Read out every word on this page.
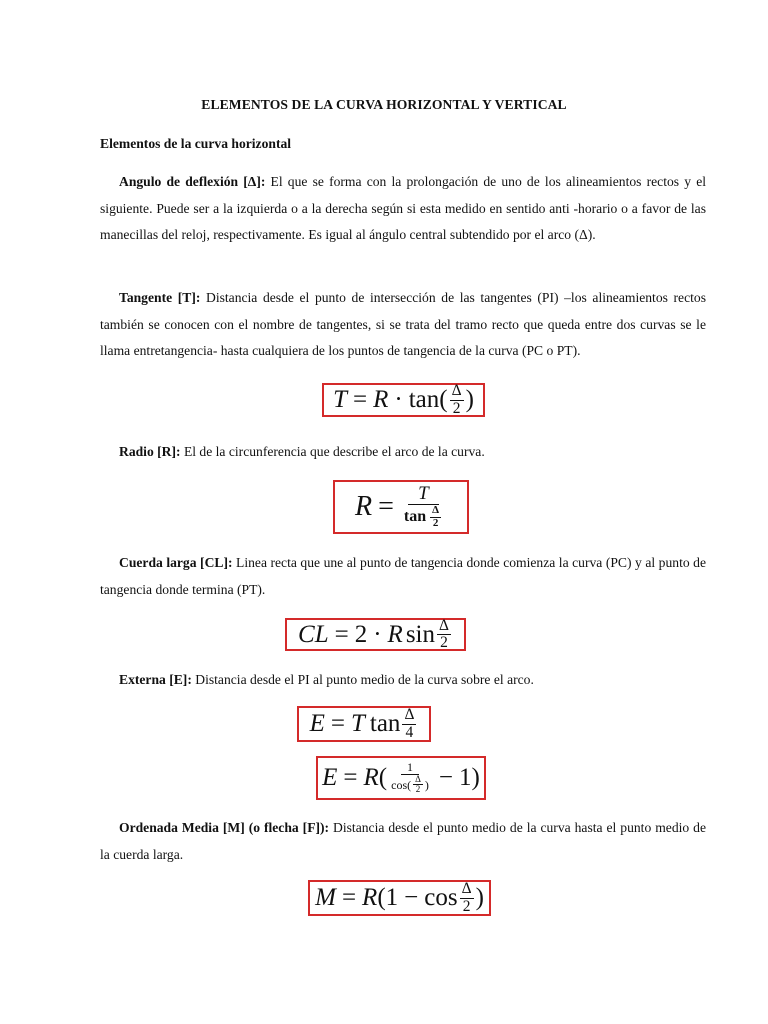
ELEMENTOS DE LA CURVA HORIZONTAL Y VERTICAL
Elementos de la curva horizontal
Angulo de deflexión [Δ]: El que se forma con la prolongación de uno de los alineamientos rectos y el siguiente. Puede ser a la izquierda o a la derecha según si esta medido en sentido anti -horario o a favor de las manecillas del reloj, respectivamente. Es igual al ángulo central subtendido por el arco (Δ).
Tangente [T]: Distancia desde el punto de intersección de las tangentes (PI) –los alineamientos rectos también se conocen con el nombre de tangentes, si se trata del tramo recto que queda entre dos curvas se le llama entretangencia- hasta cualquiera de los puntos de tangencia de la curva (PC o PT).
$T = R \cdot \tan( \frac{\Delta}{2}$ )
Radio [R]: El de la circunferencia que describe el arco de la curva.
$R = \frac{T}{\tan \frac{\Delta}{2}}$
Cuerda larga [CL]: Linea recta que une al punto de tangencia donde comienza la curva (PC) y al punto de tangencia donde termina (PT).
CL = 2 · R $\sin \frac{\Delta}{2}$
Externa [E]: Distancia desde el PI al punto medio de la curva sobre el arco.
E = T $\tan \frac{\Delta}{4}$
E = R ( $\frac{1}{\cos( \frac{\Delta}{2} )} - 1$ )
Ordenada Media [M] (o flecha [F]): Distancia desde el punto medio de la curva hasta el punto medio de la cuerda larga.
M = R ($1 - \cos \frac{\Delta}{2}$ )
